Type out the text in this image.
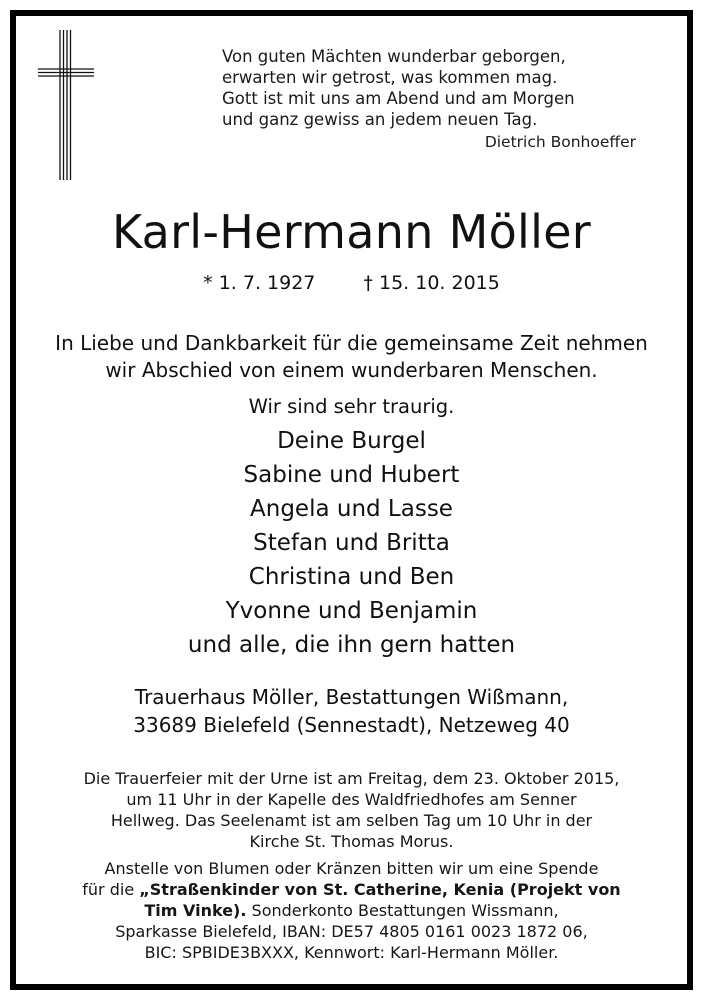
Von guten Mächten wunderbar geborgen,
erwarten wir getrost, was kommen mag.
Gott ist mit uns am Abend und am Morgen
und ganz gewiss an jedem neuen Tag.
Dietrich Bonhoeffer
Karl-Hermann Möller
* 1. 7. 1927	† 15. 10. 2015
In Liebe und Dankbarkeit für die gemeinsame Zeit nehmen
wir Abschied von einem wunderbaren Menschen.
Wir sind sehr traurig.
Deine Burgel
Sabine und Hubert
Angela und Lasse
Stefan und Britta
Christina und Ben
Yvonne und Benjamin
und alle, die ihn gern hatten
Trauerhaus Möller, Bestattungen Wißmann,
33689 Bielefeld (Sennestadt), Netzeweg 40
Die Trauerfeier mit der Urne ist am Freitag, dem 23. Oktober 2015,
um 11 Uhr in der Kapelle des Waldfriedhofes am Senner
Hellweg. Das Seelenamt ist am selben Tag um 10 Uhr in der
Kirche St. Thomas Morus.
Anstelle von Blumen oder Kränzen bitten wir um eine Spende
für die „Straßenkinder von St. Catherine, Kenia (Projekt von
Tim Vinke). Sonderkonto Bestattungen Wissmann,
Sparkasse Bielefeld, IBAN: DE57 4805 0161 0023 1872 06,
BIC: SPBIDE3BXXX, Kennwort: Karl-Hermann Möller.
